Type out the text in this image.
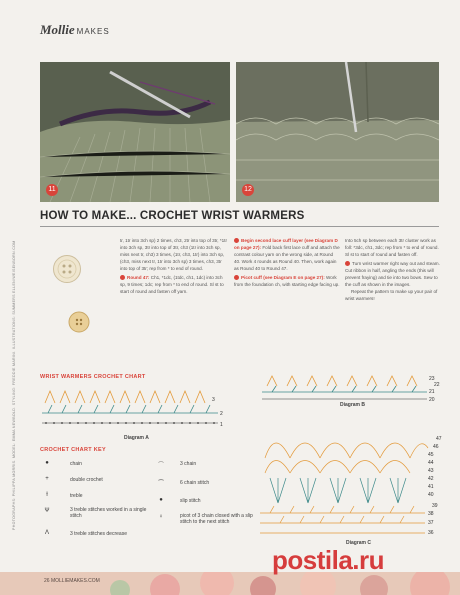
Mollie MAKES
11	12
HOW TO MAKE... CROCHET WRIST WARMERS
PHOTOGRAPHS: PHILIPPA MORRIS. MODEL: EMMA NEWBOLD. STYLING: FREDDIE MARINI. ILLUSTRATIONS: SUMMERS ELLEN/WEISENBORN.COM	tr, 1tr into 3ch sp) 2 times, ch3, 2tr into top of 3tr, *1tr into 3ch sp, 3tr into top of 3tr, ch3 (1tr into 3ch sp, miss next tr, ch3) 3 times, (1tr, ch3, 1tr) into 3ch sp, (ch3, miss next tr, 1tr into 3ch sp) 3 times, ch3, 3tr into top of 3tr; rep from * to end of round.
Round 47: Ch1, *1dc, (1tdc, ch1, 1dc) into 3ch sp, 9 times; 1dc; rep from * to end of round. Sl st to start of round and fasten off yarn.
Begin second lace cuff layer (see Diagram D on page 27): Fold back first lace cuff and attach the contrast colour yarn on the wrong side, at Round 40. Work 4 rounds as Round 40. Then, work again as Round 40 to Round 47.
Picot cuff (see Diagram E on page 27): Work from the foundation ch, with starting edge facing up.
Into 5ch sp between each 3tr cluster work as foll: *3dc, ch1, 3dc; rep from * to end of round. Sl st to start of round and fasten off.
Turn wrist warmer right way out and steam. Cut ribbon in half, angling the ends (this will prevent fraying) and tie into two bows. Sew to the cuff as shown in the images.
Repeat the pattern to make up your pair of wrist warmers!
WRIST WARMERS CROCHET CHART
3
2
1
Diagram A
23
22
21
20
Diagram B
47
46
45
44
43
42
41
40
39
38
37
36
Diagram C
CROCHET CHART KEY
●	chain
+	double crochet
ƚ	treble
Ψ	3 treble stitches worked in a single stitch
Λ	3 treble stitches decrease
⌒	3 chain
⁀	6 chain stitch
●	slip stitch
♀	picot of 3 chain closed with a slip stitch to the next stitch
26 MOLLIEMAKES.COM
postila.ru
